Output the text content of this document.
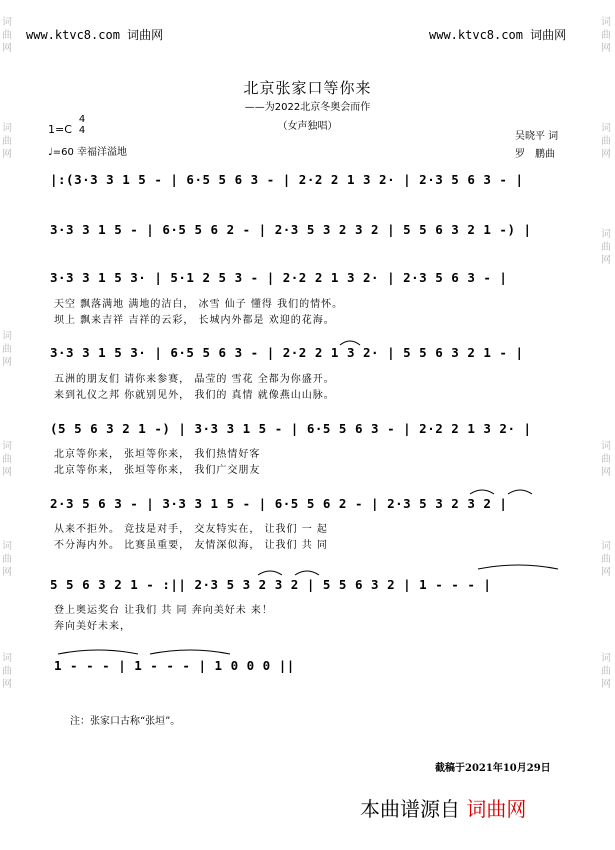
www.ktvc8.com 词曲网	www.ktvc8.com 词曲网
词
曲
网
词
曲
网
词
曲
网
词
曲
网
词
曲
网
词
曲
网
词
曲
网
词
曲
网
词
曲
网
词
曲
网
词
曲
网
词
曲
网
北京张家口等你来
——为2022北京冬奥会而作
（女声独唱）
1=C
4
4
♩=60 幸福洋溢地
吴晓平 词
罗　鹏曲
|:(3·3 3 1 5 - | 6·5 5 6 3 - | 2·2 2 1 3 2· | 2·3 5 6 3 - |
3·3 3 1 5 - | 6·5 5 6 2 - | 2·3 5 3 2 3 2 | 5 5 6 3 2 1 -) |
3·3 3 1 5 3· | 5·1 2 5 3 - | 2·2 2 1 3 2· | 2·3 5 6 3 - |
天空 飘落满地 满地的洁白， 冰雪 仙子 懂得 我们的情怀。
坝上 飘来吉祥 吉祥的云彩， 长城内外都是 欢迎的花海。
3·3 3 1 5 3· | 6·5 5 6 3 - | 2·2 2 1 3 2· | 5 5 6 3 2 1 - |
五洲的朋友们 请你来参赛， 晶莹的 雪花 全都为你盛开。
来到礼仪之邦 你就别见外， 我们的 真情 就像燕山山脉。
(5 5 6 3 2 1 -) | 3·3 3 1 5 - | 6·5 5 6 3 - | 2·2 2 1 3 2· |
北京等你来， 张垣等你来， 我们热情好客
北京等你来， 张垣等你来， 我们广交朋友
2·3 5 6 3 - | 3·3 3 1 5 - | 6·5 5 6 2 - | 2·3 5 3 2 3 2 |
从来不拒外。 竞技是对手， 交友特实在， 让我们 一 起
不分海内外。 比赛虽重要， 友情深似海， 让我们 共 同
5 5 6 3 2 1 - :|| 2·3 5 3 2 3 2 | 5 5 6 3 2 | 1 - - - |
登上奥运奖台 让我们 共 同 奔向美好未 来！
奔向美好未来，
1 - - - | 1 - - - | 1 0 0 0 ||
注：张家口古称“张垣”。
截稿于2021年10月29日
本曲谱源自 词曲网
